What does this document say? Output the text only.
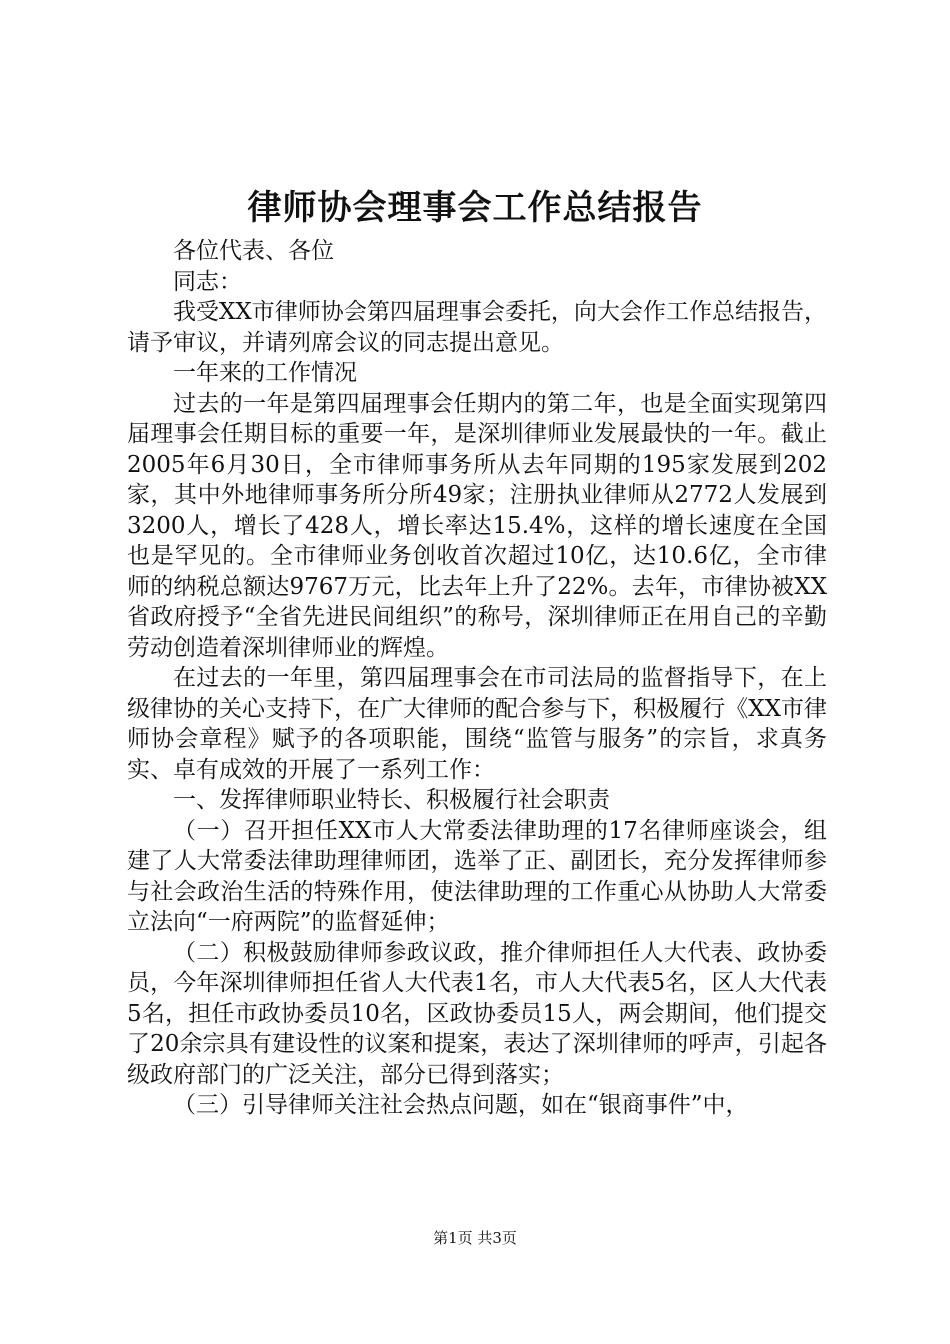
律师协会理事会工作总结报告

各位代表、各位

同志：

我受XX市律师协会第四届理事会委托，向大会作工作总结报告，请予审议，并请列席会议的同志提出意见。

一年来的工作情况

过去的一年是第四届理事会任期内的第二年，也是全面实现第四届理事会任期目标的重要一年，是深圳律师业发展最快的一年。截止2005年6月30日，全市律师事务所从去年同期的195家发展到202家，其中外地律师事务所分所49家；注册执业律师从2772人发展到3200人，增长了428人，增长率达15.4%，这样的增长速度在全国也是罕见的。全市律师业务创收首次超过10亿，达10.6亿，全市律师的纳税总额达9767万元，比去年上升了22%。去年，市律协被XX省政府授予“全省先进民间组织”的称号，深圳律师正在用自己的辛勤劳动创造着深圳律师业的辉煌。

在过去的一年里，第四届理事会在市司法局的监督指导下，在上级律协的关心支持下，在广大律师的配合参与下，积极履行《XX市律师协会章程》赋予的各项职能，围绕“监管与服务”的宗旨，求真务实、卓有成效的开展了一系列工作：

一、发挥律师职业特长、积极履行社会职责

（一）召开担任XX市人大常委法律助理的17名律师座谈会，组建了人大常委法律助理律师团，选举了正、副团长，充分发挥律师参与社会政治生活的特殊作用，使法律助理的工作重心从协助人大常委立法向“一府两院”的监督延伸；

（二）积极鼓励律师参政议政，推介律师担任人大代表、政协委员，今年深圳律师担任省人大代表1名，市人大代表5名，区人大代表5名，担任市政协委员10名，区政协委员15人，两会期间，他们提交了20余宗具有建设性的议案和提案，表达了深圳律师的呼声，引起各级政府部门的广泛关注，部分已得到落实；

（三）引导律师关注社会热点问题，如在“银商事件”中，

第1页 共3页
